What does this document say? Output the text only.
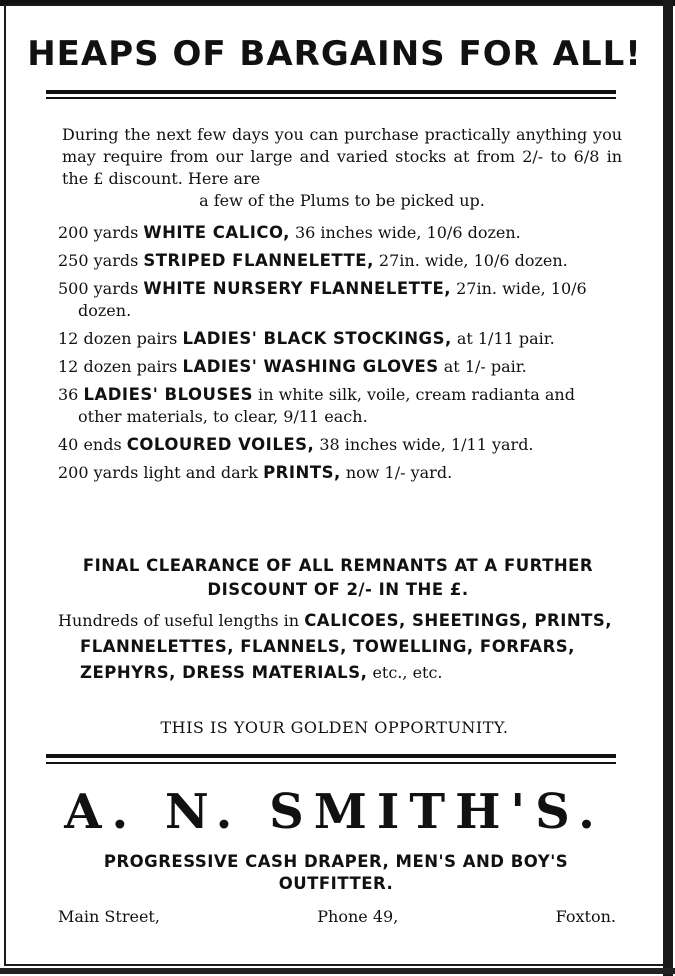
HEAPS OF BARGAINS FOR ALL!

During the next few days you can purchase practically anything you may require from our large and varied stocks at from 2/- to 6/8 in the £ discount. Here are
a few of the Plums to be picked up.

200 yards WHITE CALICO, 36 inches wide, 10/6 dozen.
250 yards STRIPED FLANNELETTE, 27in. wide, 10/6 dozen.
500 yards WHITE NURSERY FLANNELETTE, 27in. wide, 10/6 dozen.
12 dozen pairs LADIES' BLACK STOCKINGS, at 1/11 pair.
12 dozen pairs LADIES' WASHING GLOVES at 1/- pair.
36 LADIES' BLOUSES in white silk, voile, cream radianta and other materials, to clear, 9/11 each.
40 ends COLOURED VOILES, 38 inches wide, 1/11 yard.
200 yards light and dark PRINTS, now 1/- yard.

FINAL CLEARANCE OF ALL REMNANTS AT A FURTHER DISCOUNT OF 2/- IN THE £.

Hundreds of useful lengths in CALICOES, SHEETINGS, PRINTS, FLANNELETTES, FLANNELS, TOWELLING, FORFARS, ZEPHYRS, DRESS MATERIALS, etc., etc.

THIS IS YOUR GOLDEN OPPORTUNITY.

A. N. SMITH'S.

PROGRESSIVE CASH DRAPER, MEN'S AND BOY'S OUTFITTER.

Main Street,	Phone 49,	Foxton.
